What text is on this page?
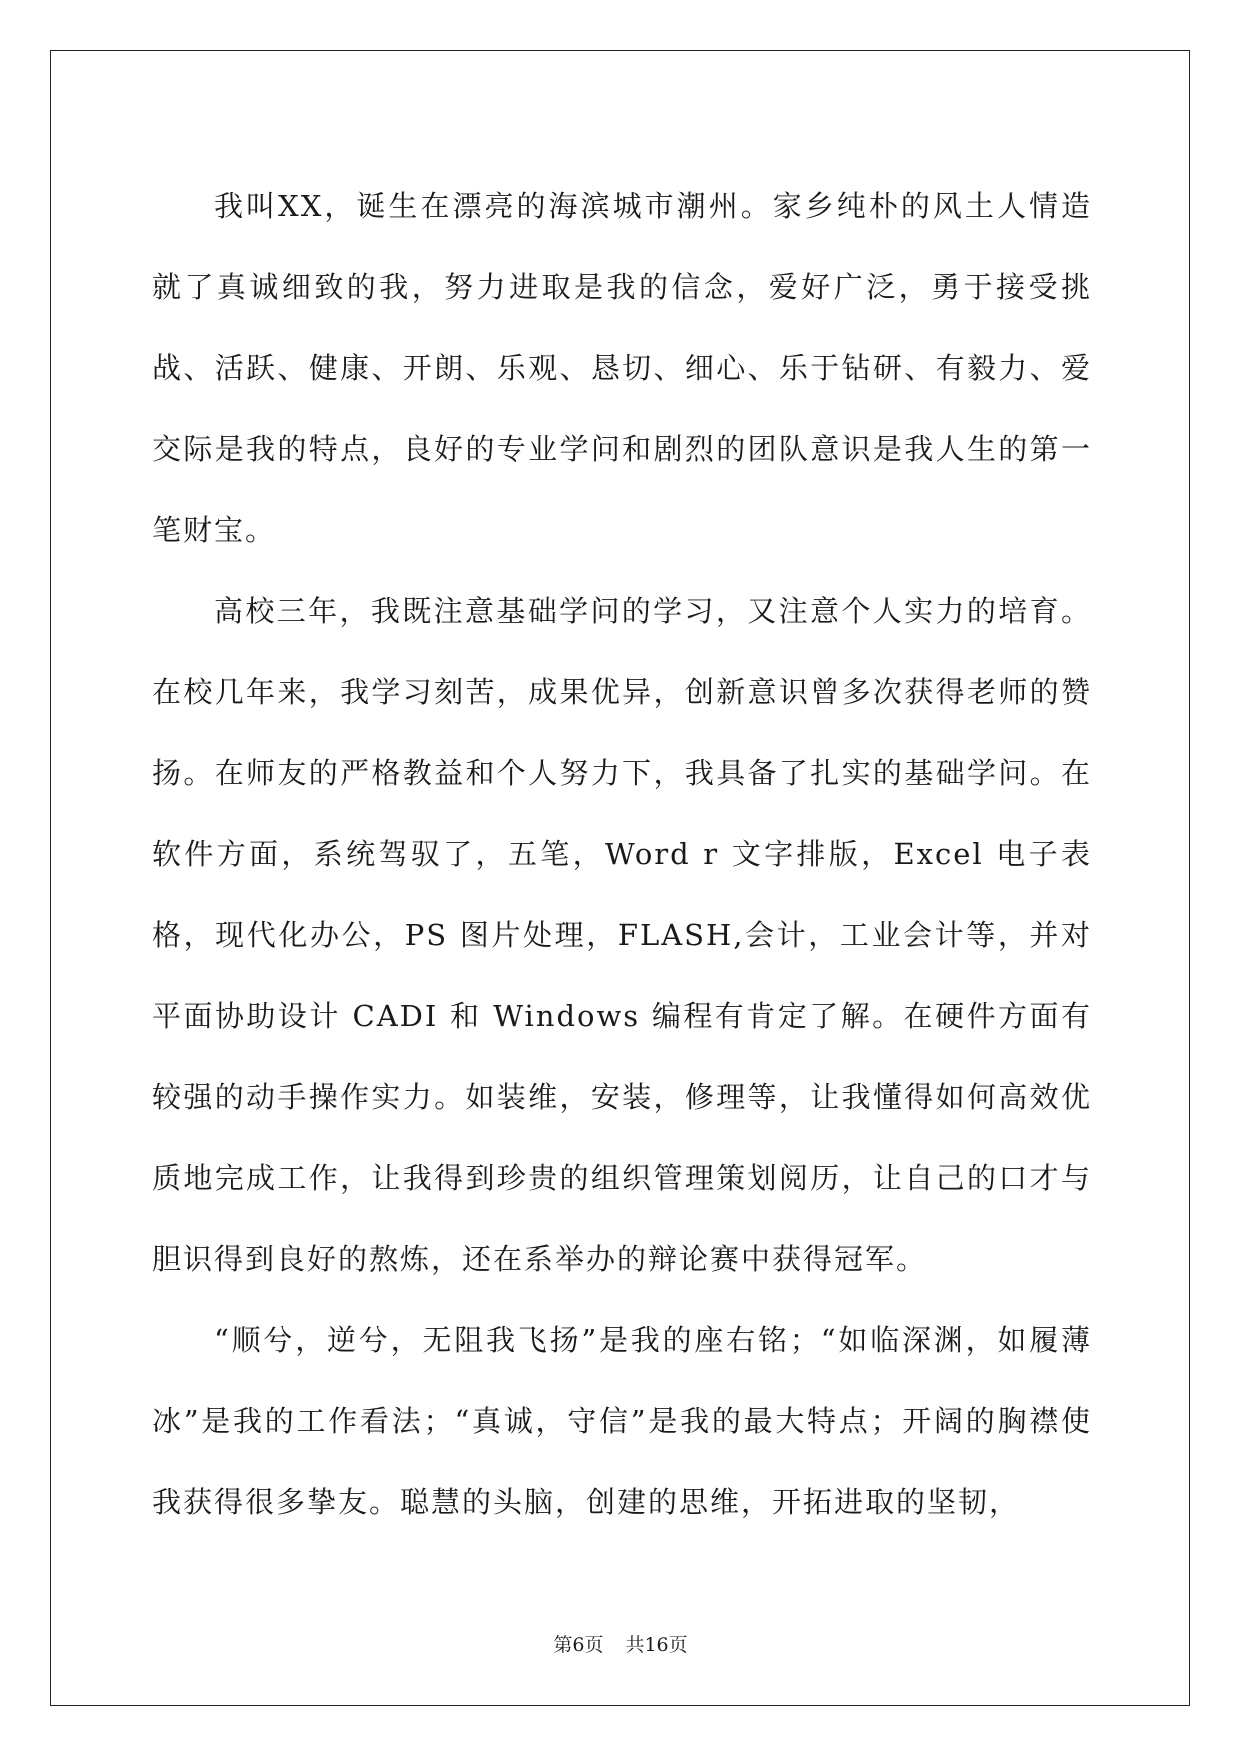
我叫XX，诞生在漂亮的海滨城市潮州。家乡纯朴的风土人情造就了真诚细致的我，努力进取是我的信念，爱好广泛，勇于接受挑战、活跃、健康、开朗、乐观、恳切、细心、乐于钻研、有毅力、爱交际是我的特点，良好的专业学问和剧烈的团队意识是我人生的第一笔财宝。

高校三年，我既注意基础学问的学习，又注意个人实力的培育。在校几年来，我学习刻苦，成果优异，创新意识曾多次获得老师的赞扬。在师友的严格教益和个人努力下，我具备了扎实的基础学问。在软件方面，系统驾驭了，五笔，Word r 文字排版，Excel 电子表格，现代化办公，PS 图片处理，FLASH,会计，工业会计等，并对平面协助设计 CADI 和 Windows 编程有肯定了解。在硬件方面有较强的动手操作实力。如装维，安装，修理等，让我懂得如何高效优质地完成工作，让我得到珍贵的组织管理策划阅历，让自己的口才与胆识得到良好的熬炼，还在系举办的辩论赛中获得冠军。

“顺兮，逆兮，无阻我飞扬”是我的座右铭；“如临深渊，如履薄冰”是我的工作看法；“真诚，守信”是我的最大特点；开阔的胸襟使我获得很多挚友。聪慧的头脑，创建的思维，开拓进取的坚韧，

第6页 共16页
